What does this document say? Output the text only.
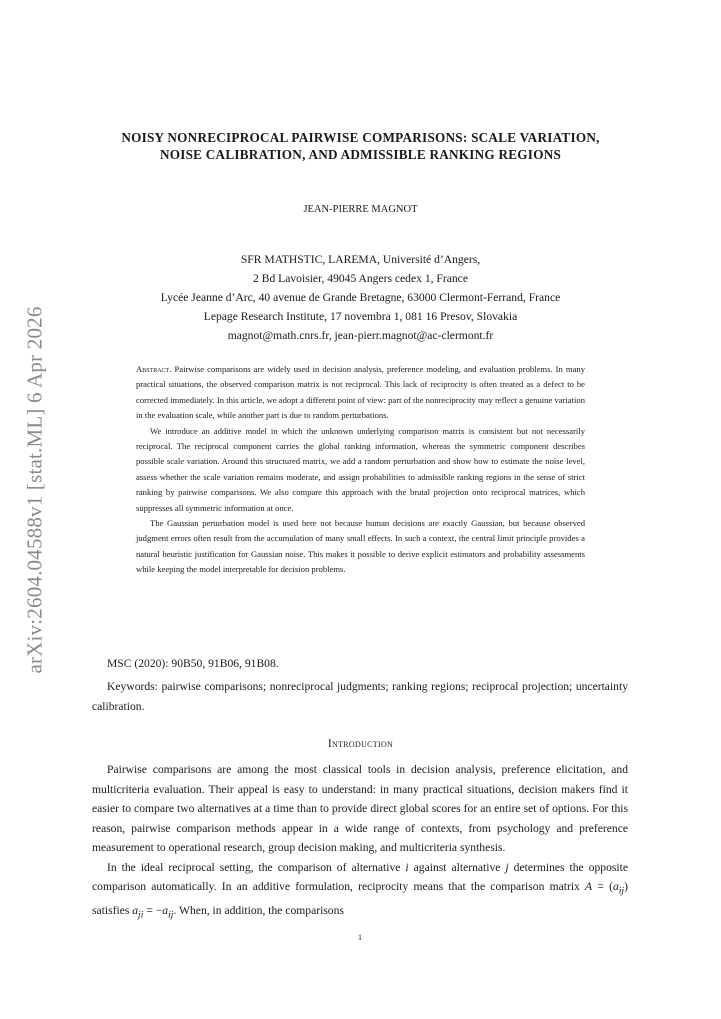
arXiv:2604.04588v1 [stat.ML] 6 Apr 2026
NOISY NONRECIPROCAL PAIRWISE COMPARISONS: SCALE VARIATION, NOISE CALIBRATION, AND ADMISSIBLE RANKING REGIONS
JEAN-PIERRE MAGNOT
SFR MATHSTIC, LAREMA, Université d’Angers,
2 Bd Lavoisier, 49045 Angers cedex 1, France
Lycée Jeanne d’Arc, 40 avenue de Grande Bretagne, 63000 Clermont-Ferrand, France
Lepage Research Institute, 17 novembra 1, 081 16 Presov, Slovakia
magnot@math.cnrs.fr, jean-pierr.magnot@ac-clermont.fr

Abstract. Pairwise comparisons are widely used in decision analysis, preference modeling, and evaluation problems. In many practical situations, the observed comparison matrix is not reciprocal. This lack of reciprocity is often treated as a defect to be corrected immediately. In this article, we adopt a different point of view: part of the nonreciprocity may reflect a genuine variation in the evaluation scale, while another part is due to random perturbations.

We introduce an additive model in which the unknown underlying comparison matrix is consistent but not necessarily reciprocal. The reciprocal component carries the global ranking information, whereas the symmetric component describes possible scale variation. Around this structured matrix, we add a random perturbation and show how to estimate the noise level, assess whether the scale variation remains moderate, and assign probabilities to admissible ranking regions in the sense of strict ranking by pairwise comparisons. We also compare this approach with the brutal projection onto reciprocal matrices, which suppresses all symmetric information at once.

The Gaussian perturbation model is used here not because human decisions are exactly Gaussian, but because observed judgment errors often result from the accumulation of many small effects. In such a context, the central limit principle provides a natural heuristic justification for Gaussian noise. This makes it possible to derive explicit estimators and probability assessments while keeping the model interpretable for decision problems.

MSC (2020): 90B50, 91B06, 91B08.

Keywords: pairwise comparisons; nonreciprocal judgments; ranking regions; reciprocal projection; uncertainty calibration.

Introduction

Pairwise comparisons are among the most classical tools in decision analysis, preference elicitation, and multicriteria evaluation. Their appeal is easy to understand: in many practical situations, decision makers find it easier to compare two alternatives at a time than to provide direct global scores for an entire set of options. For this reason, pairwise comparison methods appear in a wide range of contexts, from psychology and preference measurement to operational research, group decision making, and multicriteria synthesis.

In the ideal reciprocal setting, the comparison of alternative i against alternative j determines the opposite comparison automatically. In an additive formulation, reciprocity means that the comparison matrix $A = (a_{ij})$ satisfies $a_{ji} = -a_{ij}$. When, in addition, the comparisons

1
